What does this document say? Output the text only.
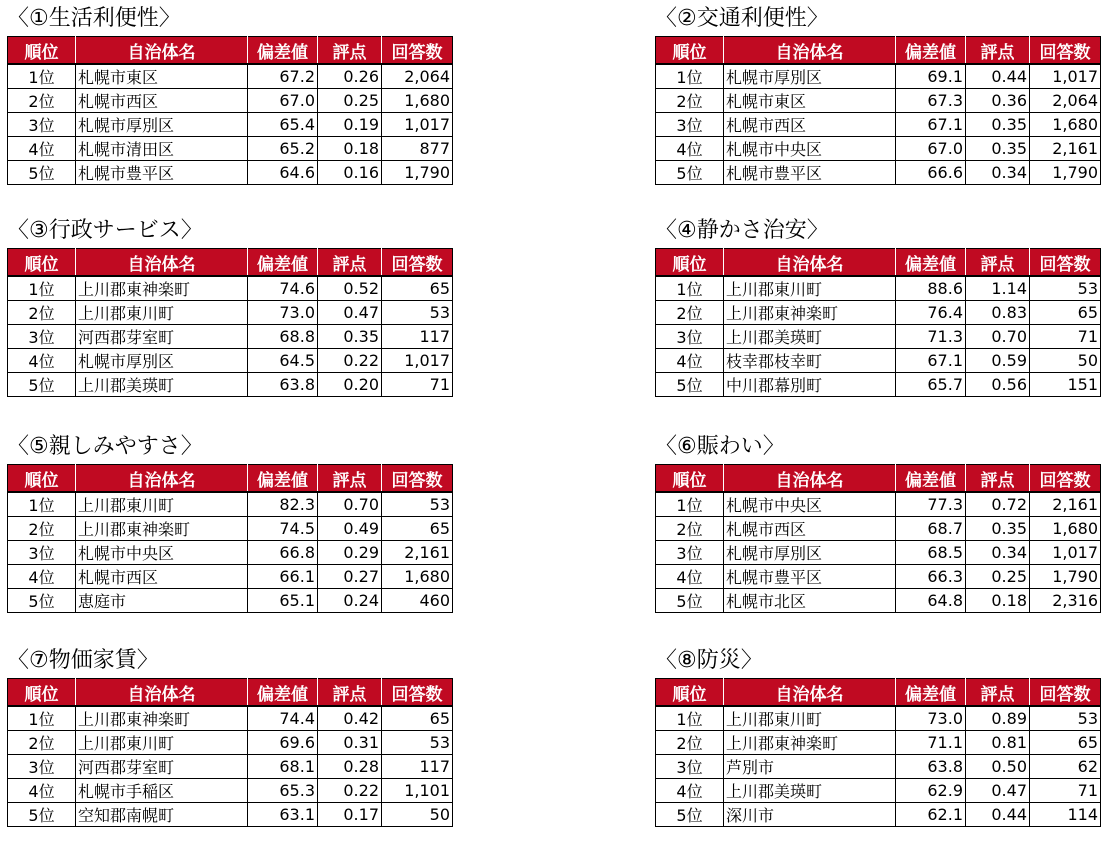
〈①生活利便性〉
順位	自治体名	偏差値	評点	回答数
1位	札幌市東区	67.2	0.26	2,064
2位	札幌市西区	67.0	0.25	1,680
3位	札幌市厚別区	65.4	0.19	1,017
4位	札幌市清田区	65.2	0.18	877
5位	札幌市豊平区	64.6	0.16	1,790
〈②交通利便性〉
順位	自治体名	偏差値	評点	回答数
1位	札幌市厚別区	69.1	0.44	1,017
2位	札幌市東区	67.3	0.36	2,064
3位	札幌市西区	67.1	0.35	1,680
4位	札幌市中央区	67.0	0.35	2,161
5位	札幌市豊平区	66.6	0.34	1,790
〈③行政サービス〉
順位	自治体名	偏差値	評点	回答数
1位	上川郡東神楽町	74.6	0.52	65
2位	上川郡東川町	73.0	0.47	53
3位	河西郡芽室町	68.8	0.35	117
4位	札幌市厚別区	64.5	0.22	1,017
5位	上川郡美瑛町	63.8	0.20	71
〈④静かさ治安〉
順位	自治体名	偏差値	評点	回答数
1位	上川郡東川町	88.6	1.14	53
2位	上川郡東神楽町	76.4	0.83	65
3位	上川郡美瑛町	71.3	0.70	71
4位	枝幸郡枝幸町	67.1	0.59	50
5位	中川郡幕別町	65.7	0.56	151
〈⑤親しみやすさ〉
順位	自治体名	偏差値	評点	回答数
1位	上川郡東川町	82.3	0.70	53
2位	上川郡東神楽町	74.5	0.49	65
3位	札幌市中央区	66.8	0.29	2,161
4位	札幌市西区	66.1	0.27	1,680
5位	恵庭市	65.1	0.24	460
〈⑥賑わい〉
順位	自治体名	偏差値	評点	回答数
1位	札幌市中央区	77.3	0.72	2,161
2位	札幌市西区	68.7	0.35	1,680
3位	札幌市厚別区	68.5	0.34	1,017
4位	札幌市豊平区	66.3	0.25	1,790
5位	札幌市北区	64.8	0.18	2,316
〈⑦物価家賃〉
順位	自治体名	偏差値	評点	回答数
1位	上川郡東神楽町	74.4	0.42	65
2位	上川郡東川町	69.6	0.31	53
3位	河西郡芽室町	68.1	0.28	117
4位	札幌市手稲区	65.3	0.22	1,101
5位	空知郡南幌町	63.1	0.17	50
〈⑧防災〉
順位	自治体名	偏差値	評点	回答数
1位	上川郡東川町	73.0	0.89	53
2位	上川郡東神楽町	71.1	0.81	65
3位	芦別市	63.8	0.50	62
4位	上川郡美瑛町	62.9	0.47	71
5位	深川市	62.1	0.44	114
